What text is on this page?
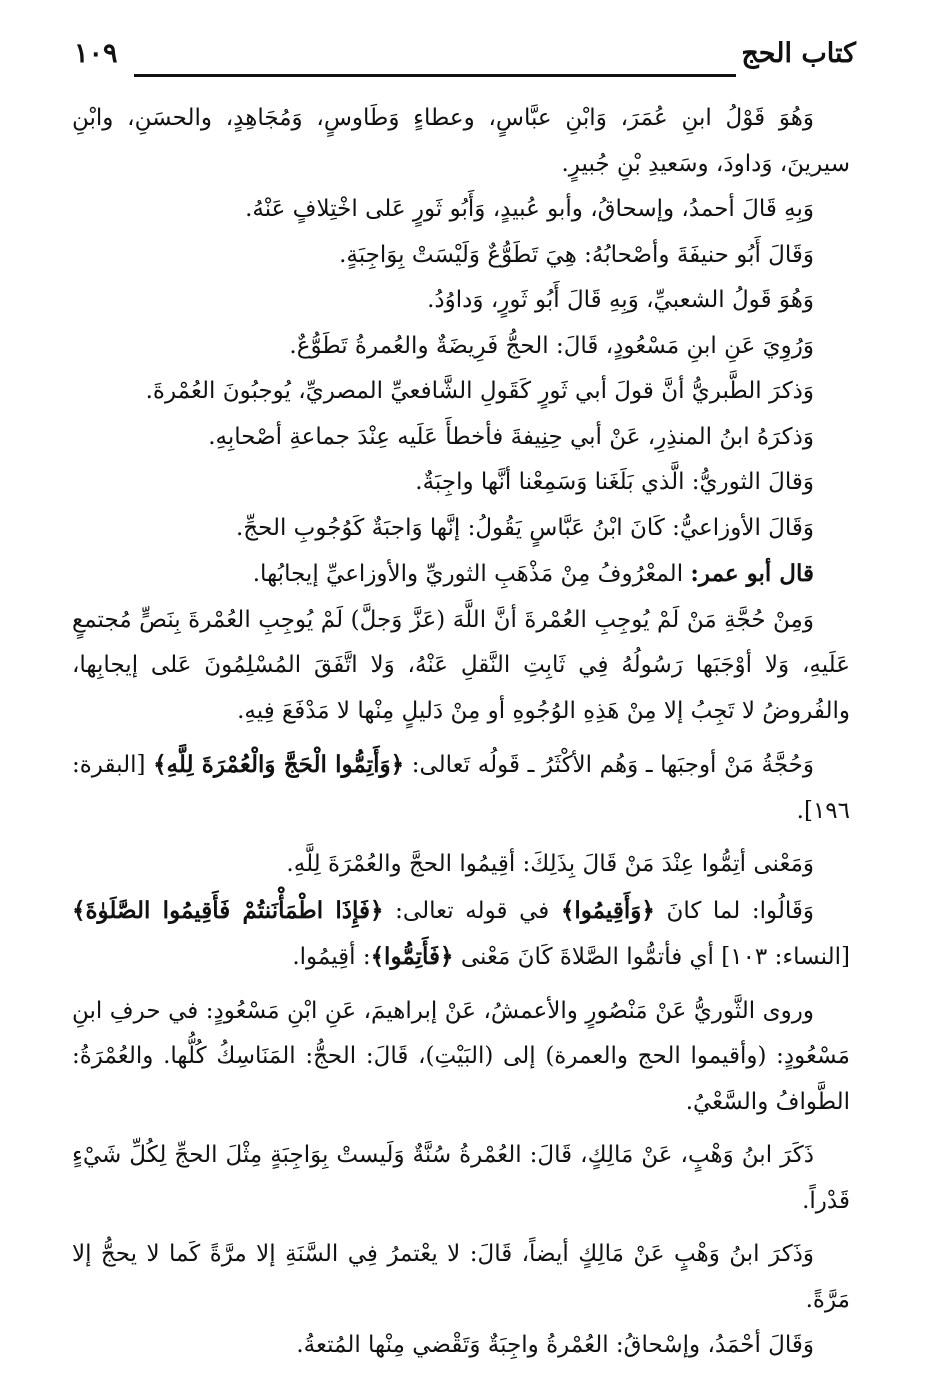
كتاب الحج
١٠٩

وَهُوَ قَوْلُ ابنِ عُمَرَ، وَابْنِ عبَّاسٍ، وعطاءٍ وَطَاوسٍ، وَمُجَاهِدٍ، والحسَنِ، وابْنِ سيرينَ، وَداودَ، وسَعيدِ بْنِ جُبيرٍ.

وَبِهِ قَالَ أحمدُ، وإسحاقُ، وأبو عُبيدٍ، وَأَبُو ثَورٍ عَلى اخْتِلافٍ عَنْهُ.

وَقَالَ أَبُو حنيفَةَ وأصْحابُهُ: هِيَ تَطَوُّعٌ وَلَيْسَتْ بِوَاجِبَةٍ.

وَهُوَ قَولُ الشعبيِّ، وَبِهِ قَالَ أَبُو ثَورٍ، وَداوُدُ.

وَرُوِيَ عَنِ ابنِ مَسْعُودٍ، قَالَ: الحجُّ فَرِيضَةٌ والعُمرةُ تَطَوُّعٌ.

وَذكرَ الطَّبريُّ أنَّ قولَ أبي ثَورٍ كَقَولِ الشَّافعيِّ المصريِّ، يُوجبُونَ العُمْرةَ.

وَذكرَهُ ابنُ المنذِرِ، عَنْ أبي حِنِيفةَ فأخطأَ عَلَيه عِنْدَ جماعةِ أصْحابِهِ.

وَقالَ الثوريُّ: الَّذي بَلَغَنا وَسَمِعْنا أنَّها واجِبَةٌ.

وَقَالَ الأوزاعيُّ: كَانَ ابْنُ عَبَّاسٍ يَقُولُ: إنَّها وَاجبَةٌ كَوُجُوبِ الحجِّ.

قال أبو عمر: المعْرُوفُ مِنْ مَذْهَبِ الثوريِّ والأوزاعيِّ إيجابُها.

وَمِنْ حُجَّةِ مَنْ لَمْ يُوجِبِ العُمْرةَ أنَّ اللَّهَ (عَزَّ وَجلَّ) لَمْ يُوجِبِ العُمْرةَ بِنَصٍّ مُجتمعٍ عَلَيهِ، وَلا أوْجَبَها رَسُولُهُ فِي ثَابِتِ النَّقلِ عَنْهُ، وَلا اتَّفَقَ المُسْلِمُونَ عَلى إيجابِها، والفُروضُ لا تَجِبُ إلا مِنْ هَذِهِ الوُجُوهِ أو مِنْ دَليلٍ مِنْها لا مَدْفَعَ فِيهِ.

وَحُجَّةُ مَنْ أوجبَها ـ وَهُم الأكْثَرُ ـ قَولُه تَعالى: ﴿وَأَتِمُّوا الْحَجَّ وَالْعُمْرَةَ لِلَّهِ﴾ [البقرة: ١٩٦].

وَمَعْنى أتِمُّوا عِنْدَ مَنْ قَالَ بِذَلِكَ: أقِيمُوا الحجَّ والعُمْرَةَ لِلَّهِ.

وَقَالُوا: لما كانَ ﴿وَأَقِيمُوا﴾ في قوله تعالى: ﴿فَإِذَا اطْمَأْنَنتُمْ فَأَقِيمُوا الصَّلَوٰةَ﴾ [النساء: ١٠٣] أي فأتمُّوا الصَّلاةَ كَانَ مَعْنى ﴿فَأَتِمُّوا﴾: أقِيمُوا.

وروى الثَّوريُّ عَنْ مَنْصُورٍ والأعمشُ، عَنْ إبراهيمَ، عَنِ ابْنِ مَسْعُودٍ: في حرفِ ابنِ مَسْعُودٍ: (وأقيموا الحج والعمرة) إلى (البَيْتِ)، قَالَ: الحجُّ: المَنَاسِكُ كُلُّها. والعُمْرَةُ: الطَّوافُ والسَّعْيُ.

ذَكَرَ ابنُ وَهْبٍ، عَنْ مَالِكٍ، قَالَ: العُمْرةُ سُنَّةٌ وَلَيستْ بِوَاجِبَةٍ مِثْلَ الحجِّ لِكُلِّ شَيْءٍ قَدْراً.

وَذَكرَ ابنُ وَهْبٍ عَنْ مَالِكٍ أيضاً، قَالَ: لا يعْتمرُ فِي السَّنَةِ إلا مرَّةً كَما لا يحجُّ إلا مَرَّةً.

وَقَالَ أحْمَدُ، وإسْحاقُ: العُمْرةُ واجِبَةٌ وَتَقْضي مِنْها المُتعةُ.
